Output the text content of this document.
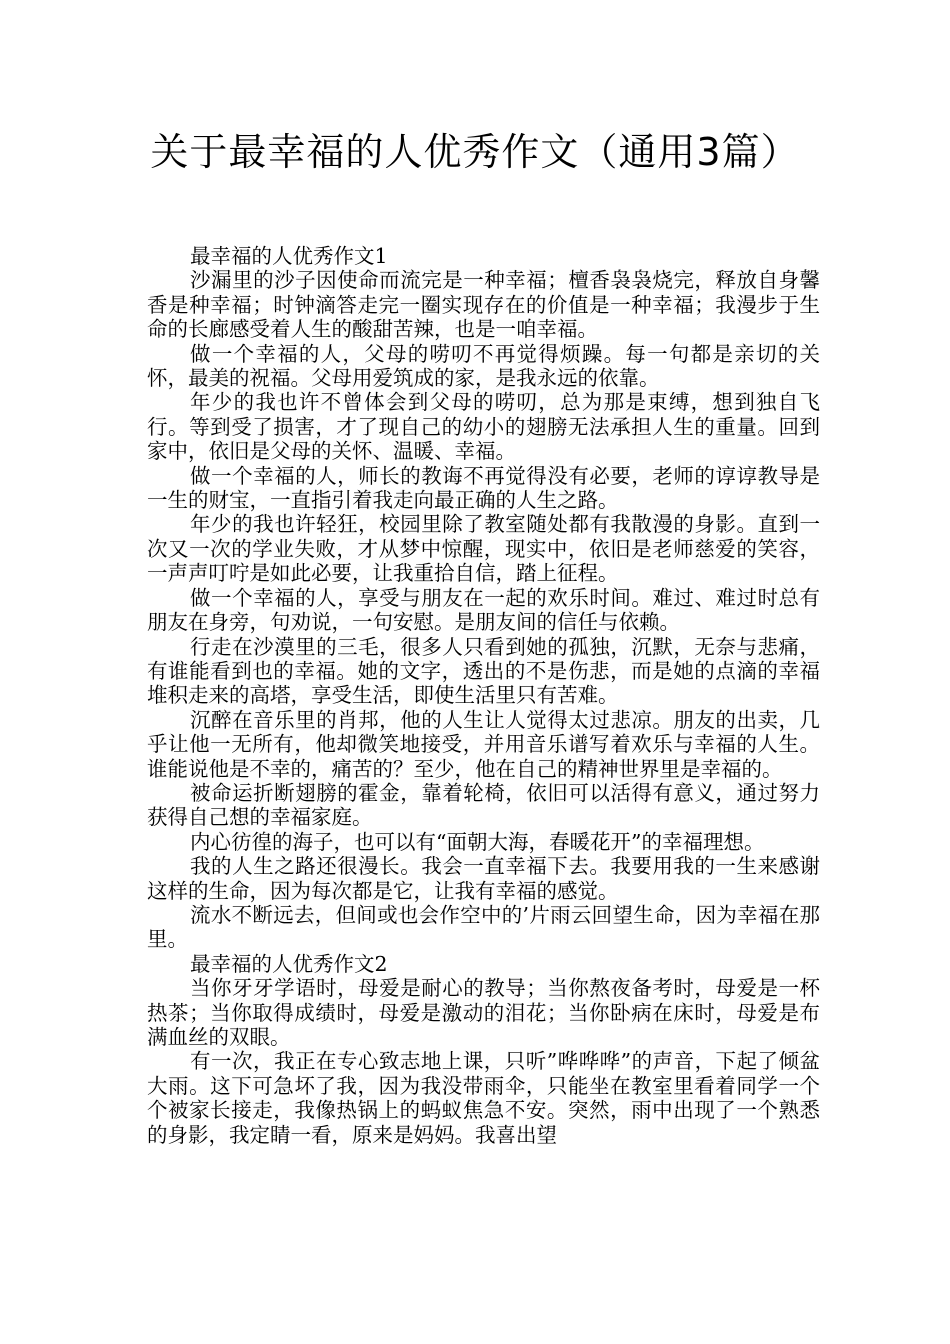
关于最幸福的人优秀作文（通用3篇）

最幸福的人优秀作文1

沙漏里的沙子因使命而流完是一种幸福；檀香袅袅烧完，释放自身馨香是种幸福；时钟滴答走完一圈实现存在的价值是一种幸福；我漫步于生命的长廊感受着人生的酸甜苦辣，也是一咱幸福。

做一个幸福的人，父母的唠叨不再觉得烦躁。每一句都是亲切的关怀，最美的祝福。父母用爱筑成的家，是我永远的依靠。

年少的我也许不曾体会到父母的唠叨，总为那是束缚，想到独自飞行。等到受了损害，才了现自己的幼小的翅膀无法承担人生的重量。回到家中，依旧是父母的关怀、温暖、幸福。

做一个幸福的人，师长的教诲不再觉得没有必要，老师的谆谆教导是一生的财宝，一直指引着我走向最正确的人生之路。

年少的我也许轻狂，校园里除了教室随处都有我散漫的身影。直到一次又一次的学业失败，才从梦中惊醒，现实中，依旧是老师慈爱的笑容，一声声叮咛是如此必要，让我重拾自信，踏上征程。

做一个幸福的人，享受与朋友在一起的欢乐时间。难过、难过时总有朋友在身旁，句劝说，一句安慰。是朋友间的信任与依赖。

行走在沙漠里的三毛，很多人只看到她的孤独，沉默，无奈与悲痛，有谁能看到也的幸福。她的文字，透出的不是伤悲，而是她的点滴的幸福堆积走来的高塔，享受生活，即使生活里只有苦难。

沉醉在音乐里的肖邦，他的人生让人觉得太过悲凉。朋友的出卖，几乎让他一无所有，他却微笑地接受，并用音乐谱写着欢乐与幸福的人生。谁能说他是不幸的，痛苦的？至少，他在自己的精神世界里是幸福的。

被命运折断翅膀的霍金，靠着轮椅，依旧可以活得有意义，通过努力获得自己想的幸福家庭。

内心彷徨的海子，也可以有“面朝大海，春暖花开”的幸福理想。

我的人生之路还很漫长。我会一直幸福下去。我要用我的一生来感谢这样的生命，因为每次都是它，让我有幸福的感觉。

流水不断远去，但间或也会作空中的’片雨云回望生命，因为幸福在那里。

最幸福的人优秀作文2

当你牙牙学语时，母爱是耐心的教导；当你熬夜备考时，母爱是一杯热茶；当你取得成绩时，母爱是激动的泪花；当你卧病在床时，母爱是布满血丝的双眼。

有一次，我正在专心致志地上课，只听”哗哗哗”的声音，下起了倾盆大雨。这下可急坏了我，因为我没带雨伞，只能坐在教室里看着同学一个个被家长接走，我像热锅上的蚂蚁焦急不安。突然，雨中出现了一个熟悉的身影，我定睛一看，原来是妈妈。我喜出望
